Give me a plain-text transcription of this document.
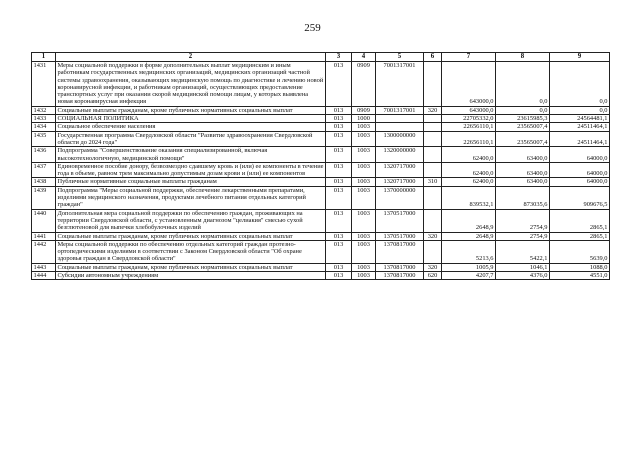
259
1	2	3	4	5	6	7	8	9
1431	Меры социальной поддержки в форме дополнительных выплат медицинским и иным работникам государственных медицинских организаций, медицинских организаций частной системы здравоохранения, оказывающих медицинскую помощь по диагностике и лечению новой коронавирусной инфекции, и работникам организаций, осуществляющих предоставление транспортных услуг при оказании скорой медицинской помощи лицам, у которых выявлена новая коронавирусная инфекция	013	0909	7001317001		643000,0	0,0	0,0
1432	Социальные выплаты гражданам, кроме публичных нормативных социальных выплат	013	0909	7001317001	320	643000,0	0,0	0,0
1433	СОЦИАЛЬНАЯ ПОЛИТИКА	013	1000			22705332,0	23615985,3	24564481,1
1434	Социальное обеспечение населения	013	1003			22656110,1	23565007,4	24511464,1
1435	Государственная программа Свердловской области "Развитие здравоохранения Свердловской области до 2024 года"	013	1003	1300000000		22656110,1	23565007,4	24511464,1
1436	Подпрограмма "Совершенствование оказания специализированной, включая высокотехнологичную, медицинской помощи"	013	1003	1320000000		62400,0	63400,0	64000,0
1437	Единовременное пособие донору, безвозмездно сдавшему кровь и (или) ее компоненты в течение года в объеме, равном трем максимально допустимым дозам крови и (или) ее компонентов	013	1003	1320717000		62400,0	63400,0	64000,0
1438	Публичные нормативные социальные выплаты гражданам	013	1003	1320717000	310	62400,0	63400,0	64000,0
1439	Подпрограмма "Меры социальной поддержки, обеспечение лекарственными препаратами, изделиями медицинского назначения, продуктами лечебного питания отдельных категорий граждан"	013	1003	1370000000		839532,1	873035,6	909676,5
1440	Дополнительная мера социальной поддержки по обеспечению граждан, проживающих на территории Свердловской области, с установленным диагнозом "целиакия" смесью сухой безглютеновой для выпечки хлебобулочных изделий	013	1003	1370517000		2648,9	2754,9	2865,1
1441	Социальные выплаты гражданам, кроме публичных нормативных социальных выплат	013	1003	1370517000	320	2648,9	2754,9	2865,1
1442	Меры социальной поддержки по обеспечению отдельных категорий граждан протезно-ортопедическими изделиями в соответствии с Законом Свердловской области "Об охране здоровья граждан в Свердловской области"	013	1003	1370817000		5213,6	5422,1	5639,0
1443	Социальные выплаты гражданам, кроме публичных нормативных социальных выплат	013	1003	1370817000	320	1005,9	1046,1	1088,0
1444	Субсидии автономным учреждениям	013	1003	1370817000	620	4207,7	4376,0	4551,0
